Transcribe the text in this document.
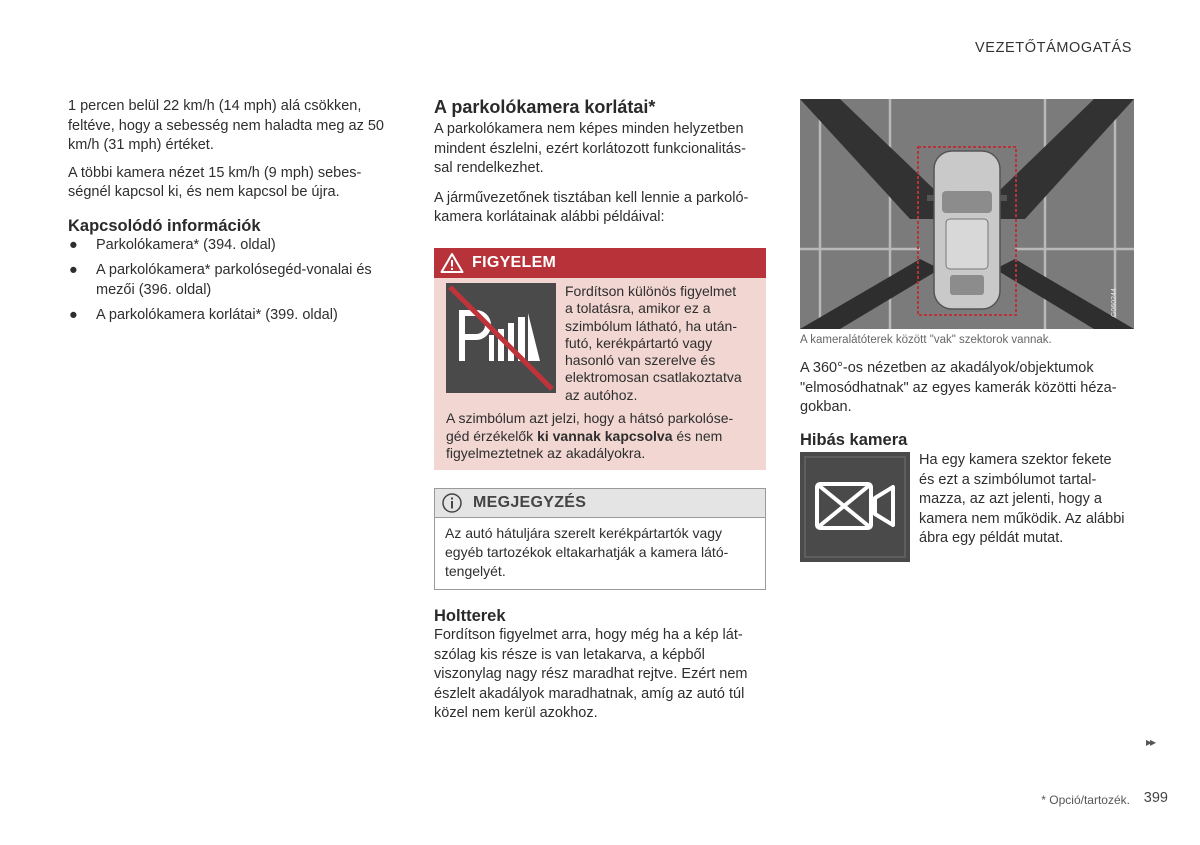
VEZETŐTÁMOGATÁS

1 percen belül 22 km/h (14 mph) alá csökken, feltéve, hogy a sebesség nem haladta meg az 50 km/h (31 mph) értéket.

A többi kamera nézet 15 km/h (9 mph) sebes-
ségnél kapcsol ki, és nem kapcsol be újra.

Kapcsolódó információk
● Parkolókamera* (394. oldal)
● A parkolókamera* parkolósegéd-vonalai és mezői (396. oldal)
● A parkolókamera korlátai* (399. oldal)
A parkolókamera korlátai*

A parkolókamera nem képes minden helyzetben
mindent észlelni, ezért korlátozott funkcionalitás-
sal rendelkezhet.

A járművezetőnek tisztában kell lennie a parkoló-
kamera korlátainak alábbi példáival:

FIGYELEM
Fordítson különös figyelmet
a tolatásra, amikor ez a
szimbólum látható, ha után-
futó, kerékpártartó vagy
hasonló van szerelve és
elektromosan csatlakoztatva
az autóhoz.
A szimbólum azt jelzi, hogy a hátsó parkolóse-
géd érzékelők ki vannak kapcsolva és nem
figyelmeztetnek az akadályokra.
MEGJEGYZÉS
Az autó hátuljára szerelt kerékpártartók vagy
egyéb tartozékok eltakarhatják a kamera látó-
tengelyét.
Holtterek

Fordítson figyelmet arra, hogy még ha a kép lát-
szólag kis része is van letakarva, a képből
viszonylag nagy rész maradhat rejtve. Ezért nem
észlelt akadályok maradhatnak, amíg az autó túl
közel nem kerül azokhoz.

G060244
A kameralátóterek között "vak" szektorok vannak.

A 360°-os nézetben az akadályok/objektumok
"elmosódhatnak" az egyes kamerák közötti héza-
gokban.

Hibás kamera

Ha egy kamera szektor fekete
és ezt a szimbólumot tartal-
mazza, az azt jelenti, hogy a
kamera nem működik. Az alábbi
ábra egy példát mutat.

▸▸
* Opció/tartozék. 399
